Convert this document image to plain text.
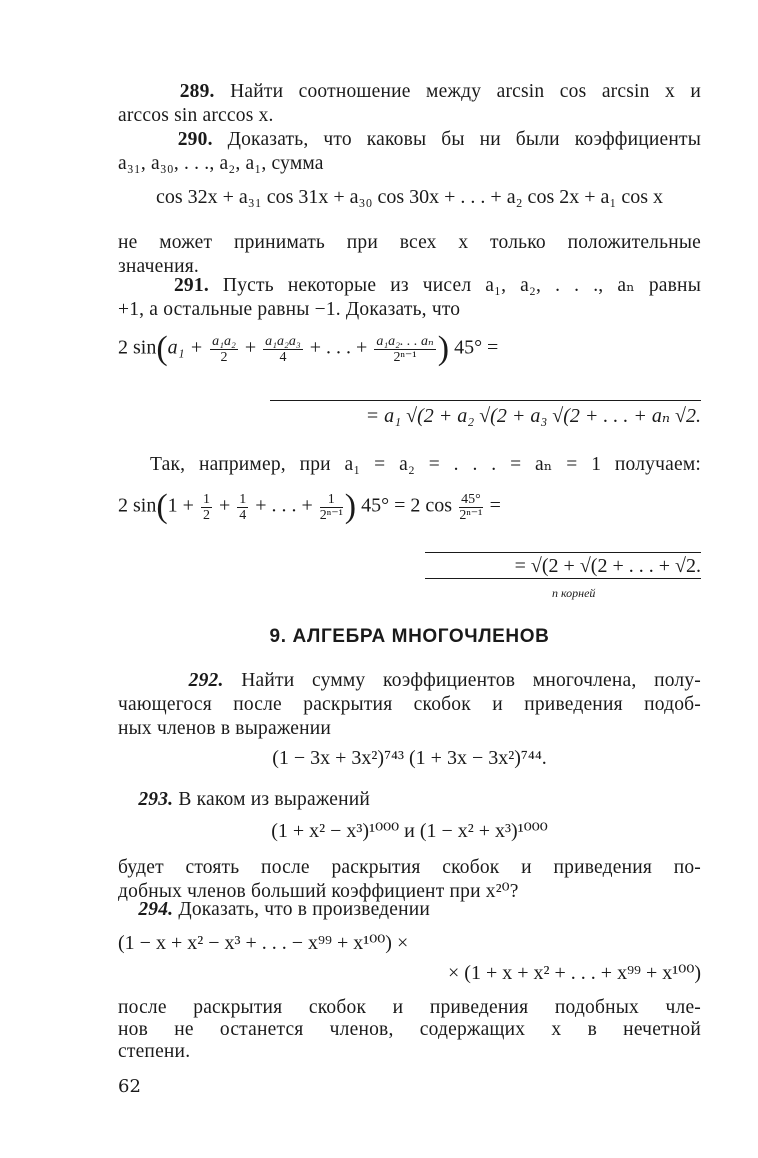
289. Найти соотношение между arcsin cos arcsin x и
arccos sin arccos x.
290. Доказать, что каковы бы ни были коэффициенты
a₃₁, a₃₀, . . ., a₂, a₁, сумма
cos 32x + a₃₁ cos 31x + a₃₀ cos 30x + . . . + a₂ cos 2x + a₁ cos x
не может принимать при всех x только положительные
значения.
291. Пусть некоторые из чисел a₁, a₂, . . ., aₙ равны
+1, а остальные равны −1. Доказать, что
2 $\sin(a_1 + \frac{\text{a₁a₂}}{2} + \frac{\text{a₁a₂a₃}}{4}$ + . . . + $\frac{\text{a₁a₂. . . aₙ}}{\text{2ⁿ⁻¹}}$ ) 45° =
= a₁ √(2 + a₂ √(2 + a₃ √(2 + . . . + aₙ √2.
Так, например, при a₁ = a₂ = . . . = aₙ = 1 получаем:
2 $\sin(1 + \frac{1}{2} + \frac{1}{4}$ + . . . + $\frac{1}{\text{2ⁿ⁻¹}}$ ) 45° = 2 $\cos \frac{45^\circ}{\text{2ⁿ⁻¹}}$ =
= √(2 + √(2 + . . . + √2.
n корней
9. АЛГЕБРА МНОГОЧЛЕНОВ
292. Найти сумму коэффициентов многочлена, полу-
чающегося после раскрытия скобок и приведения подоб-
ных членов в выражении
(1 − 3x + 3x²)⁷⁴³ (1 + 3x − 3x²)⁷⁴⁴.
293. В каком из выражений
(1 + x² − x³)¹⁰⁰⁰ и (1 − x² + x³)¹⁰⁰⁰
будет стоять после раскрытия скобок и приведения по-
добных членов больший коэффициент при x²⁰?
294. Доказать, что в произведении
(1 − x + x² − x³ + . . . − x⁹⁹ + x¹⁰⁰) ×
× (1 + x + x² + . . . + x⁹⁹ + x¹⁰⁰)
после раскрытия скобок и приведения подобных чле-
нов не останется членов, содержащих x в нечетной
степени.
62
